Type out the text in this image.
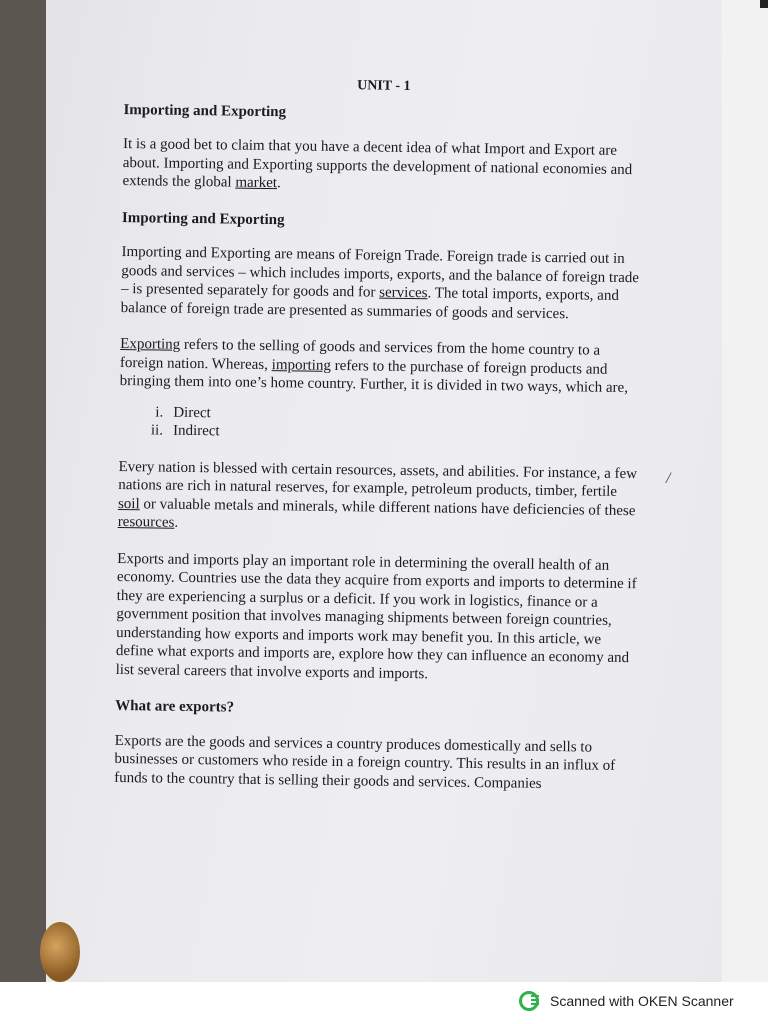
UNIT - 1
Importing and Exporting

It is a good bet to claim that you have a decent idea of what Import and Export are about. Importing and Exporting supports the development of national economies and extends the global market.

Importing and Exporting

Importing and Exporting are means of Foreign Trade. Foreign trade is carried out in goods and services – which includes imports, exports, and the balance of foreign trade – is presented separately for goods and for services. The total imports, exports, and balance of foreign trade are presented as summaries of goods and services.

Exporting refers to the selling of goods and services from the home country to a foreign nation. Whereas, importing refers to the purchase of foreign products and bringing them into one’s home country. Further, it is divided in two ways, which are,

i. Direct
ii. Indirect

Every nation is blessed with certain resources, assets, and abilities. For instance, a few nations are rich in natural reserves, for example, petroleum products, timber, fertile soil or valuable metals and minerals, while different nations have deficiencies of these resources.

Exports and imports play an important role in determining the overall health of an economy. Countries use the data they acquire from exports and imports to determine if they are experiencing a surplus or a deficit. If you work in logistics, finance or a government position that involves managing shipments between foreign countries, understanding how exports and imports work may benefit you. In this article, we define what exports and imports are, explore how they can influence an economy and list several careers that involve exports and imports.

What are exports?

Exports are the goods and services a country produces domestically and sells to businesses or customers who reside in a foreign country. This results in an influx of funds to the country that is selling their goods and services. Companies

/
Scanned with OKEN Scanner
